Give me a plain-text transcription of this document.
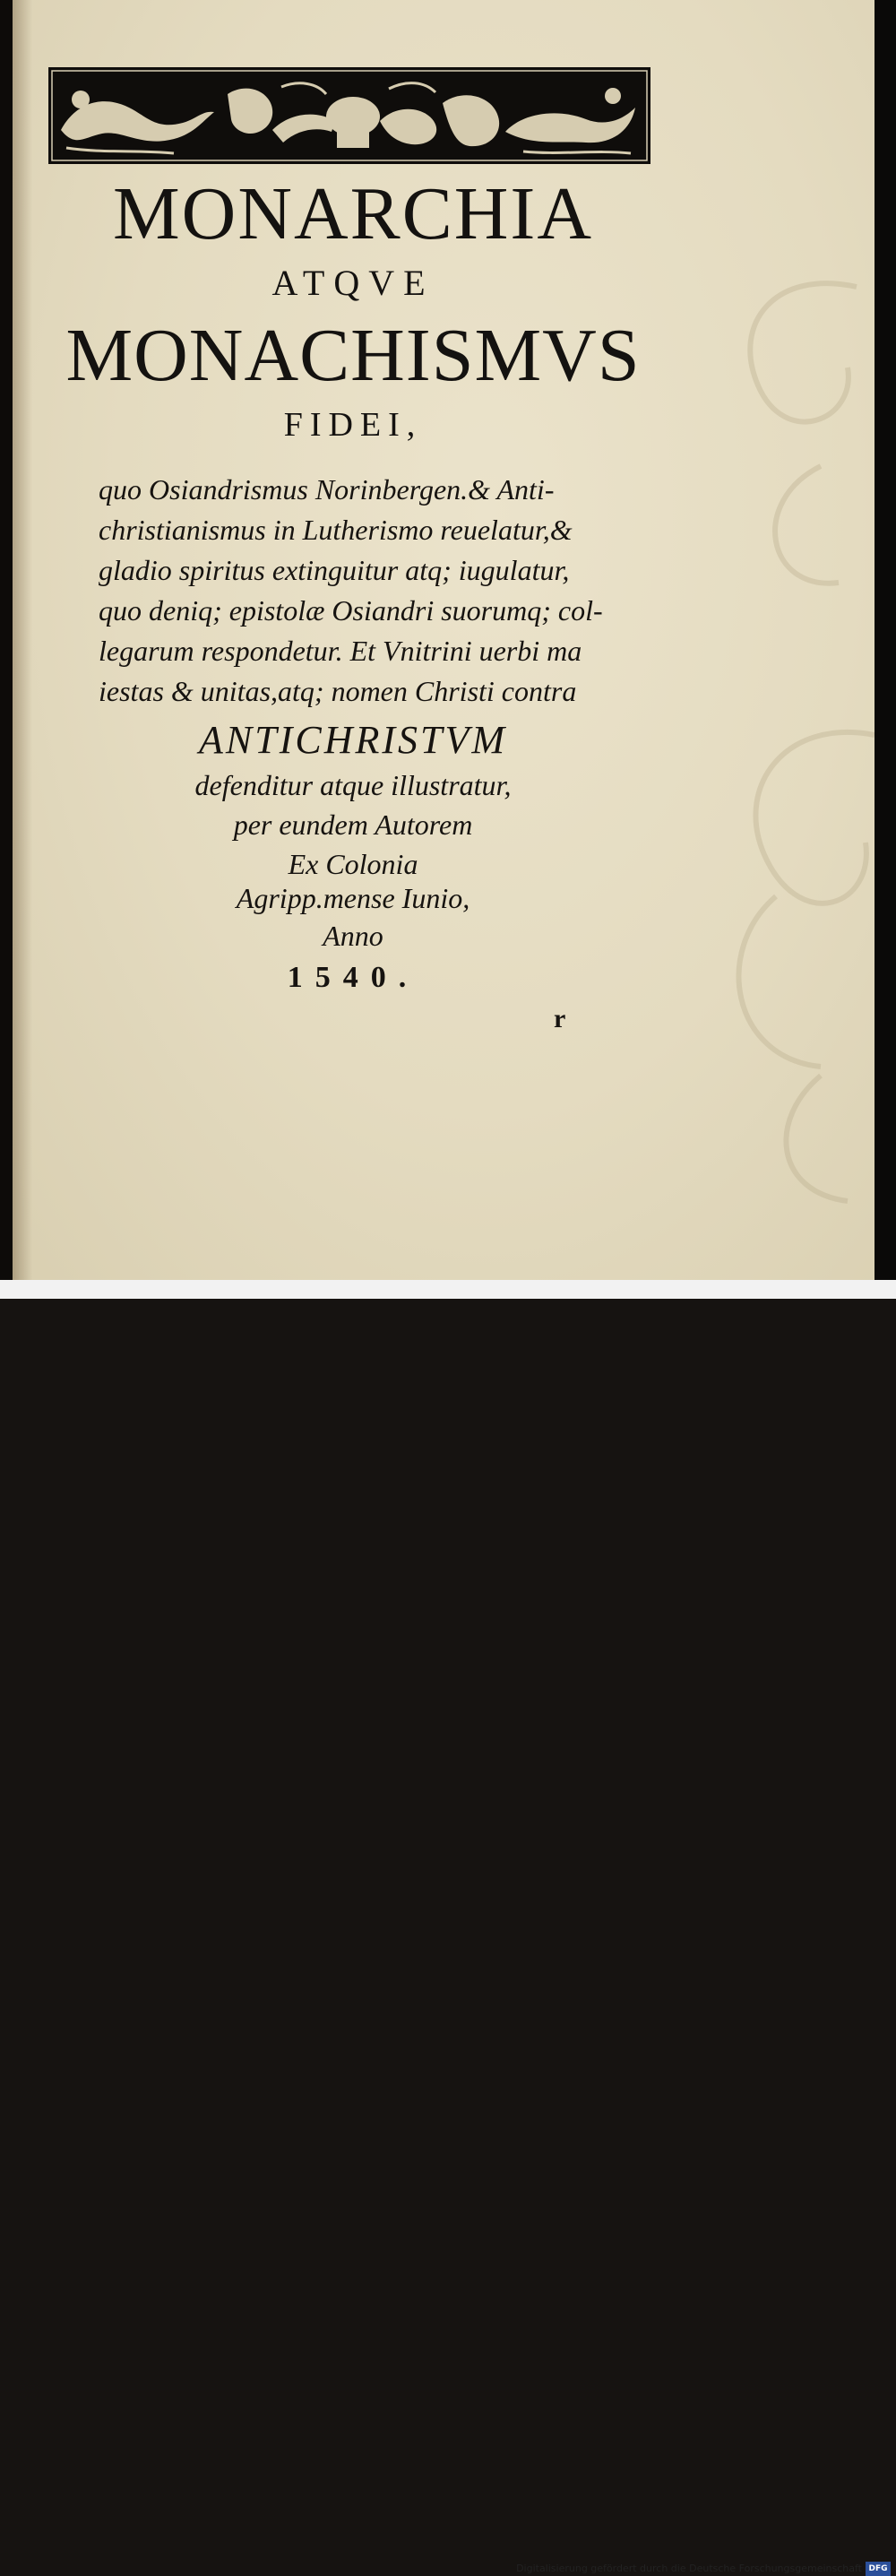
MONARCHIA
ATQVE
MONACHISMVS
FIDEI,
quo Osiandrismus Norinbergen.& Anti-
christianismus in Lutherismo reuelatur,&
gladio spiritus extinguitur atq; iugulatur,
quo deniq; epistolæ Osiandri suorumq; col-
legarum respondetur. Et Vnitrini uerbi ma
iestas & unitas,atq; nomen Christi contra
ANTICHRISTVM
defenditur atque illustratur,
per eundem Autorem
Ex Colonia
Agripp.mense Iunio,
Anno
1540.
r
Digitalisierung gefördert durch die Deutsche Forschungsgemeinschaft DFG
